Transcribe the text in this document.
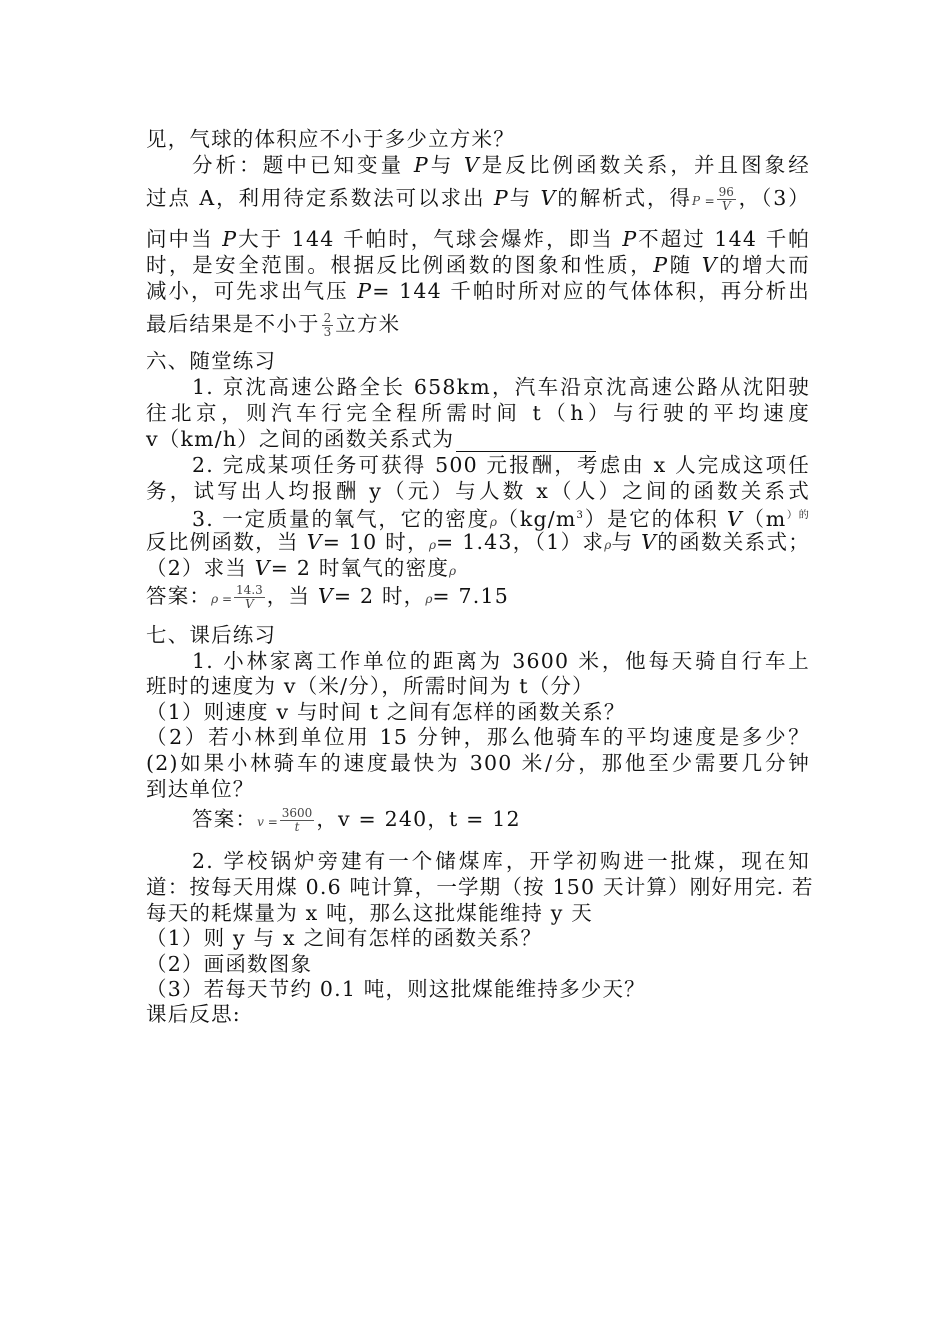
见，气球的体积应不小于多少立方米？
分析：题中已知变量 P与 V是反比例函数关系，并且图象经
过点 A，利用待定系数法可以求出 P与 V的解析式，得$P = \frac{96}{V}$ ，（3）
问中当 P大于 144 千帕时，气球会爆炸，即当 P不超过 144 千帕
时，是安全范围。根据反比例函数的图象和性质，P随 V的增大而
减小，可先求出气压 P= 144 千帕时所对应的气体体积，再分析出
最后结果是不小于 $\frac{2}{3}$ 立方米
六、随堂练习
1. 京沈高速公路全长 658km，汽车沿京沈高速公路从沈阳驶
往北京，则汽车行完全程所需时间 t（h）与行驶的平均速度
v（km/h）之间的函数关系式为
2. 完成某项任务可获得 500 元报酬，考虑由 x 人完成这项任
务，试写出人均报酬 y（元）与人数 x（人）之间的函数关系式
3. 一定质量的氧气，它的密度$\rho(kg/m^3)$是它的体积 $V(m^{)的}$
反比例函数，当 V= 10 时，ρ= 1.43，（1）求ρ与 V的函数关系式；
（2）求当 V= 2 时氧气的密度ρ
答案：$\rho = \frac{14.3}{V}$ ，当 V= 2 时，ρ= 7.15
七、课后练习
1. 小林家离工作单位的距离为 3600 米，他每天骑自行车上
班时的速度为 v（米/分），所需时间为 t（分）
（1）则速度 v 与时间 t 之间有怎样的函数关系？
（2）若小林到单位用 15 分钟，那么他骑车的平均速度是多少？
(2)如果小林骑车的速度最快为 300 米/分，那他至少需要几分钟
到达单位？
答案：$v = \frac{3600}{t}$ ，v = 240，t = 12
2. 学校锅炉旁建有一个储煤库，开学初购进一批煤，现在知
道：按每天用煤 0.6 吨计算，一学期（按 150 天计算）刚好用完. 若
每天的耗煤量为 x 吨，那么这批煤能维持 y 天
（1）则 y 与 x 之间有怎样的函数关系？
（2）画函数图象
（3）若每天节约 0.1 吨，则这批煤能维持多少天？
课后反思:
